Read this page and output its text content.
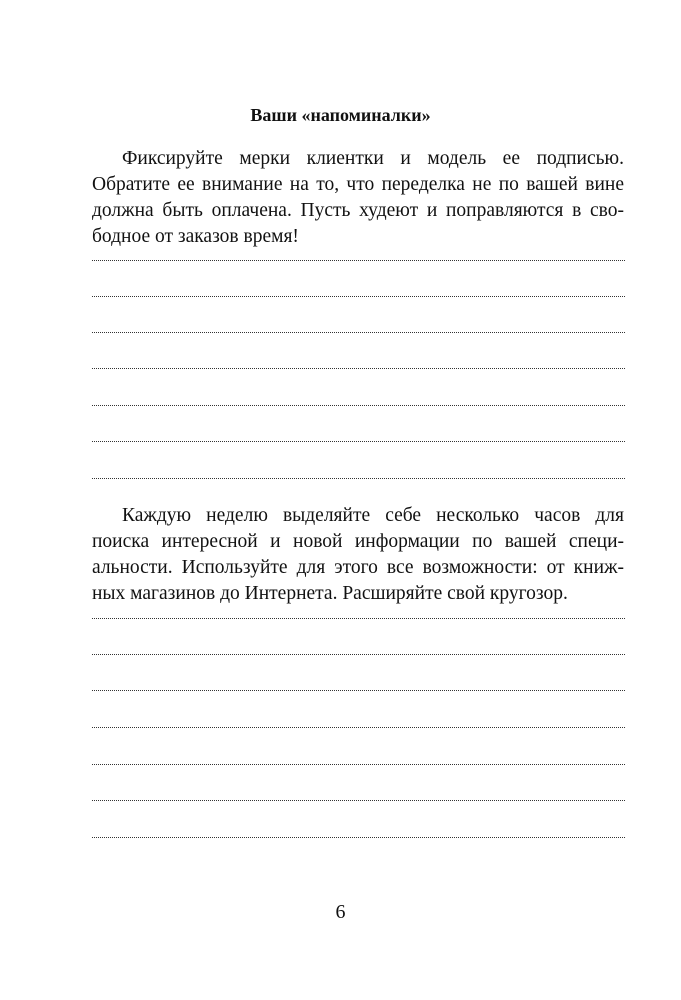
Ваши «напоминалки»
Фиксируйте мерки клиентки и модель ее подписью.
Обратите ее внимание на то, что переделка не по вашей вине
должна быть оплачена. Пусть худеют и поправляются в сво-
бодное от заказов время!
Каждую неделю выделяйте себе несколько часов для
поиска интересной и новой информации по вашей специ-
альности. Используйте для этого все возможности: от книж-
ных магазинов до Интернета. Расширяйте свой кругозор.
6
